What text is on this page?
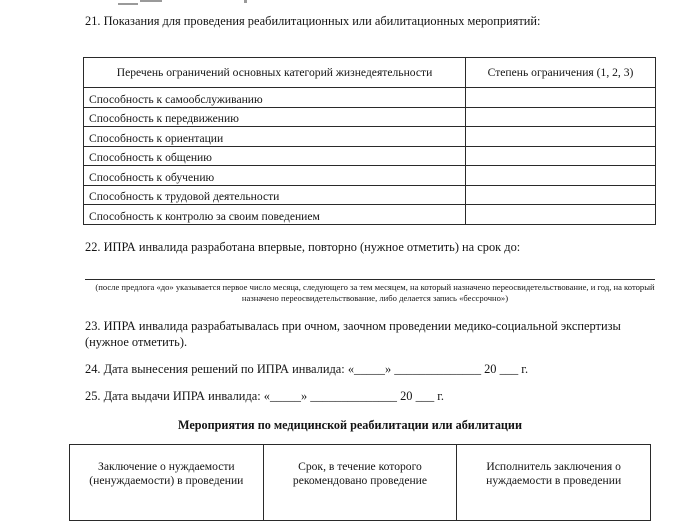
21. Показания для проведения реабилитационных или абилитационных мероприятий:
Перечень ограничений основных категорий жизнедеятельности	Степень ограничения (1, 2, 3)
Способность к самообслуживанию	
Способность к передвижению	
Способность к ориентации	
Способность к общению	
Способность к обучению	
Способность к трудовой деятельности	
Способность к контролю за своим поведением	
22. ИПРА инвалида разработана впервые, повторно (нужное отметить) на срок до:
(после предлога «до» указывается первое число месяца, следующего за тем месяцем, на который назначено переосвидетельствование, и год, на который назначено переосвидетельствование, либо делается запись «бессрочно»)
23. ИПРА инвалида разрабатывалась при очном, заочном проведении медико-социальной экспертизы (нужное отметить).
24. Дата вынесения решений по ИПРА инвалида: «_____» ______________ 20 ___ г.
25. Дата выдачи ИПРА инвалида: «_____» ______________ 20 ___ г.
Мероприятия по медицинской реабилитации или абилитации
Заключение о нуждаемости (ненуждаемости) в проведении	Срок, в течение которого рекомендовано проведение	Исполнитель заключения о нуждаемости в проведении
